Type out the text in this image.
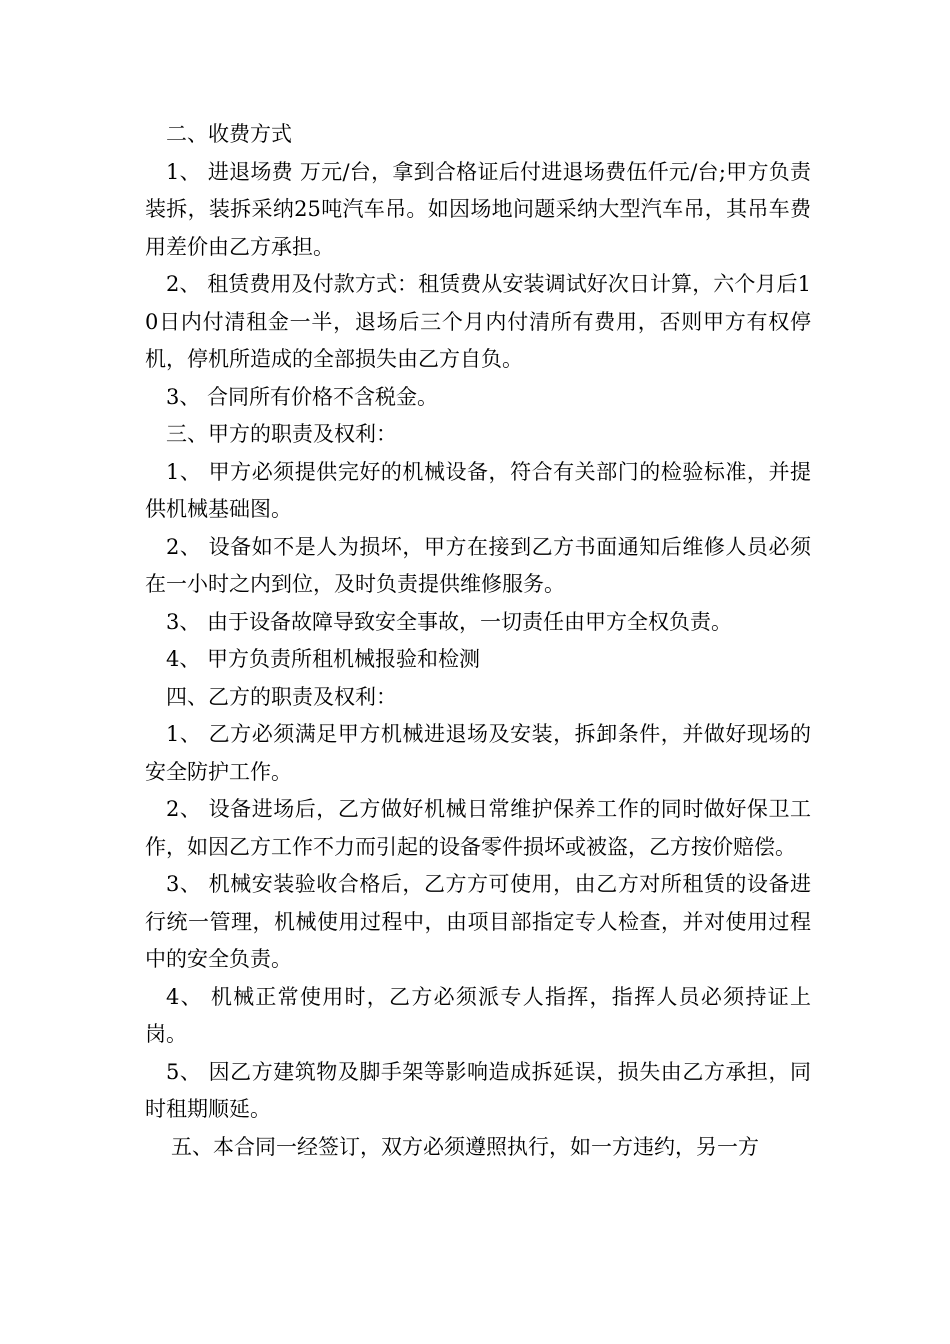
二、收费方式

1、 进退场费 万元/台，拿到合格证后付进退场费伍仟元/台;甲方负责装拆，装拆采纳25吨汽车吊。如因场地问题采纳大型汽车吊，其吊车费用差价由乙方承担。

2、 租赁费用及付款方式：租赁费从安装调试好次日计算，六个月后10日内付清租金一半，退场后三个月内付清所有费用，否则甲方有权停机，停机所造成的全部损失由乙方自负。

3、 合同所有价格不含税金。

三、甲方的职责及权利：

1、 甲方必须提供完好的机械设备，符合有关部门的检验标准，并提供机械基础图。

2、 设备如不是人为损坏，甲方在接到乙方书面通知后维修人员必须在一小时之内到位，及时负责提供维修服务。

3、 由于设备故障导致安全事故，一切责任由甲方全权负责。

4、 甲方负责所租机械报验和检测

四、乙方的职责及权利：

1、 乙方必须满足甲方机械进退场及安装，拆卸条件，并做好现场的安全防护工作。

2、 设备进场后，乙方做好机械日常维护保养工作的同时做好保卫工作，如因乙方工作不力而引起的设备零件损坏或被盗，乙方按价赔偿。

3、 机械安装验收合格后，乙方方可使用，由乙方对所租赁的设备进行统一管理，机械使用过程中，由项目部指定专人检查，并对使用过程中的安全负责。

4、 机械正常使用时，乙方必须派专人指挥，指挥人员必须持证上岗。

5、 因乙方建筑物及脚手架等影响造成拆延误，损失由乙方承担，同时租期顺延。

五、本合同一经签订，双方必须遵照执行，如一方违约，另一方
